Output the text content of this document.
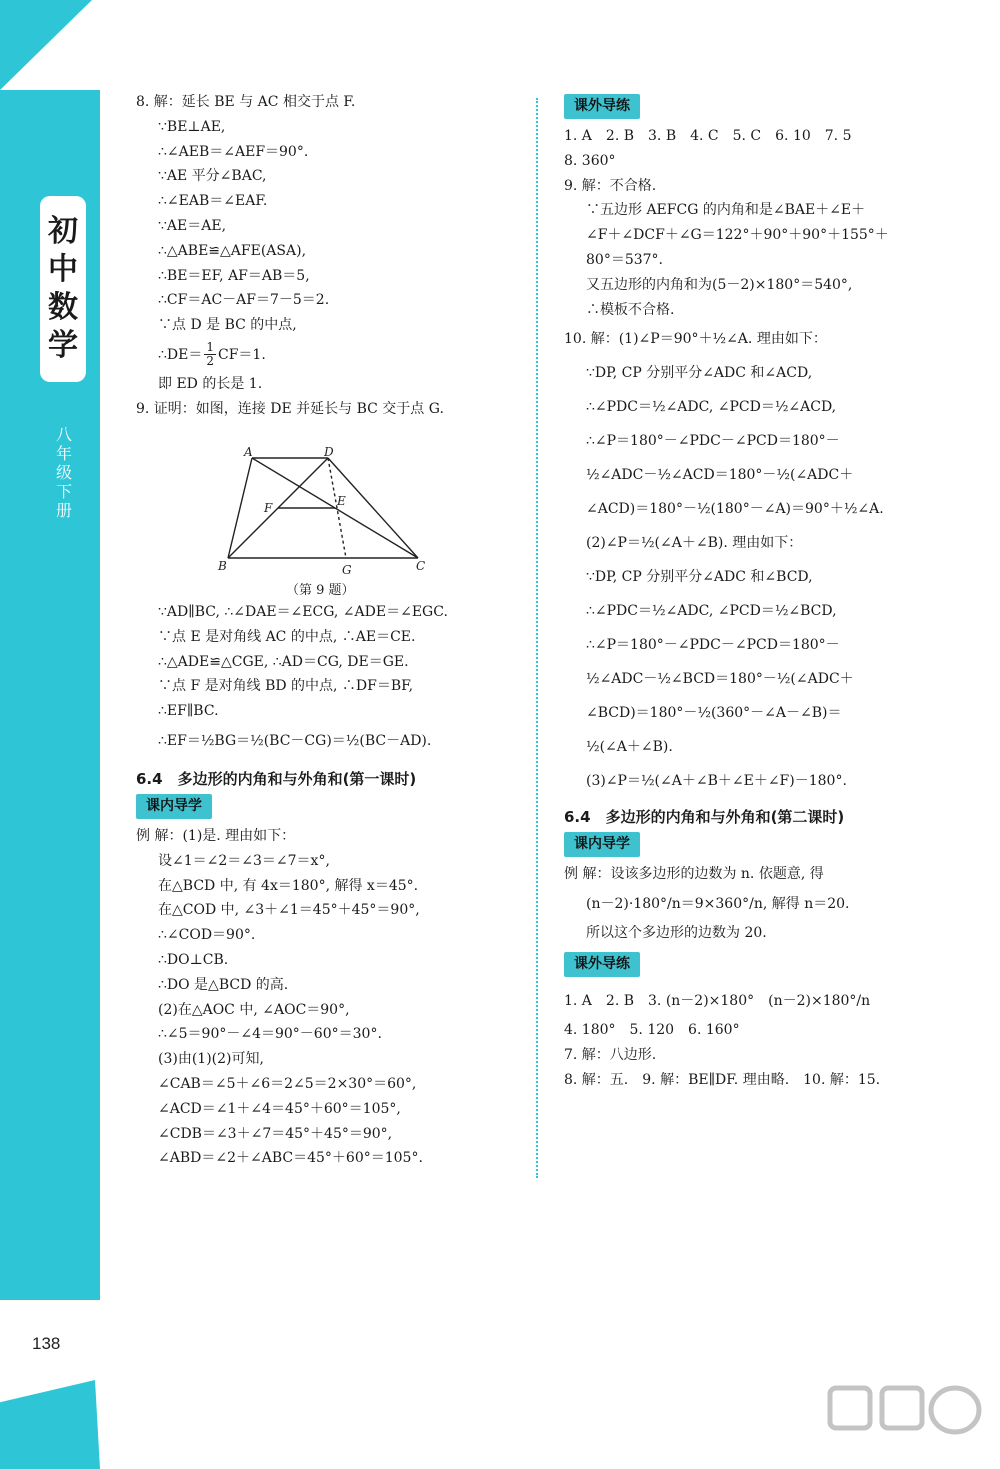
初
中
数
学
八
年
级
下
册
138
8. 解：延长 BE 与 AC 相交于点 F.
∵BE⊥AE,
∴∠AEB＝∠AEF＝90°.
∵AE 平分∠BAC,
∴∠EAB＝∠EAF.
∵AE＝AE,
∴△ABE≌△AFE(ASA),
∴BE＝EF, AF＝AB＝5,
∴CF＝AC－AF＝7－5＝2.
∵点 D 是 BC 的中点,
∴DE＝ $\frac{1}{2} CF=1$.
即 ED 的长是 1.
9. 证明：如图，连接 DE 并延长与 BC 交于点 G.
A	D
F	E
B	G	C
（第 9 题）
∵AD∥BC, ∴∠DAE＝∠ECG, ∠ADE＝∠EGC.
∵点 E 是对角线 AC 的中点, ∴AE＝CE.
∴△ADE≌△CGE, ∴AD＝CG, DE＝GE.
∵点 F 是对角线 BD 的中点, ∴DF＝BF,
∴EF∥BC.
∴EF＝½BG＝½(BC－CG)＝½(BC－AD).
6.4　多边形的内角和与外角和(第一课时)
课内导学
例 解：(1)是. 理由如下：
设∠1＝∠2＝∠3＝∠7＝x°,
在△BCD 中, 有 4x＝180°, 解得 x＝45°.
在△COD 中, ∠3＋∠1＝45°＋45°＝90°,
∴∠COD＝90°.
∴DO⊥CB.
∴DO 是△BCD 的高.
(2)在△AOC 中, ∠AOC＝90°,
∴∠5＝90°－∠4＝90°－60°＝30°.
(3)由(1)(2)可知,
∠CAB＝∠5＋∠6＝2∠5＝2×30°＝60°,
∠ACD＝∠1＋∠4＝45°＋60°＝105°,
∠CDB＝∠3＋∠7＝45°＋45°＝90°,
∠ABD＝∠2＋∠ABC＝45°＋60°＝105°.
课外导练
1. A　2. B　3. B　4. C　5. C　6. 10　7. 5
8. 360°
9. 解：不合格.
∵五边形 AEFCG 的内角和是∠BAE＋∠E＋
∠F＋∠DCF＋∠G＝122°＋90°＋90°＋155°＋
80°＝537°.
又五边形的内角和为(5－2)×180°＝540°,
∴模板不合格.
10. 解：(1)∠P＝90°＋½∠A. 理由如下：
∵DP, CP 分别平分∠ADC 和∠ACD,
∴∠PDC＝½∠ADC, ∠PCD＝½∠ACD,
∴∠P＝180°－∠PDC－∠PCD＝180°－
½∠ADC－½∠ACD＝180°－½(∠ADC＋
∠ACD)＝180°－½(180°－∠A)＝90°＋½∠A.
(2)∠P＝½(∠A＋∠B). 理由如下：
∵DP, CP 分别平分∠ADC 和∠BCD,
∴∠PDC＝½∠ADC, ∠PCD＝½∠BCD,
∴∠P＝180°－∠PDC－∠PCD＝180°－
½∠ADC－½∠BCD＝180°－½(∠ADC＋
∠BCD)＝180°－½(360°－∠A－∠B)＝
½(∠A＋∠B).
(3)∠P＝½(∠A＋∠B＋∠E＋∠F)－180°.
6.4　多边形的内角和与外角和(第二课时)
课内导学
例 解：设该多边形的边数为 n. 依题意, 得
(n－2)·180°/n＝9×360°/n, 解得 n＝20.
所以这个多边形的边数为 20.
课外导练
1. A　2. B　3. (n－2)×180°　(n－2)×180°/n
4. 180°　5. 120　6. 160°
7. 解：八边形.
8. 解：五.　9. 解：BE∥DF. 理由略.　10. 解：15.
